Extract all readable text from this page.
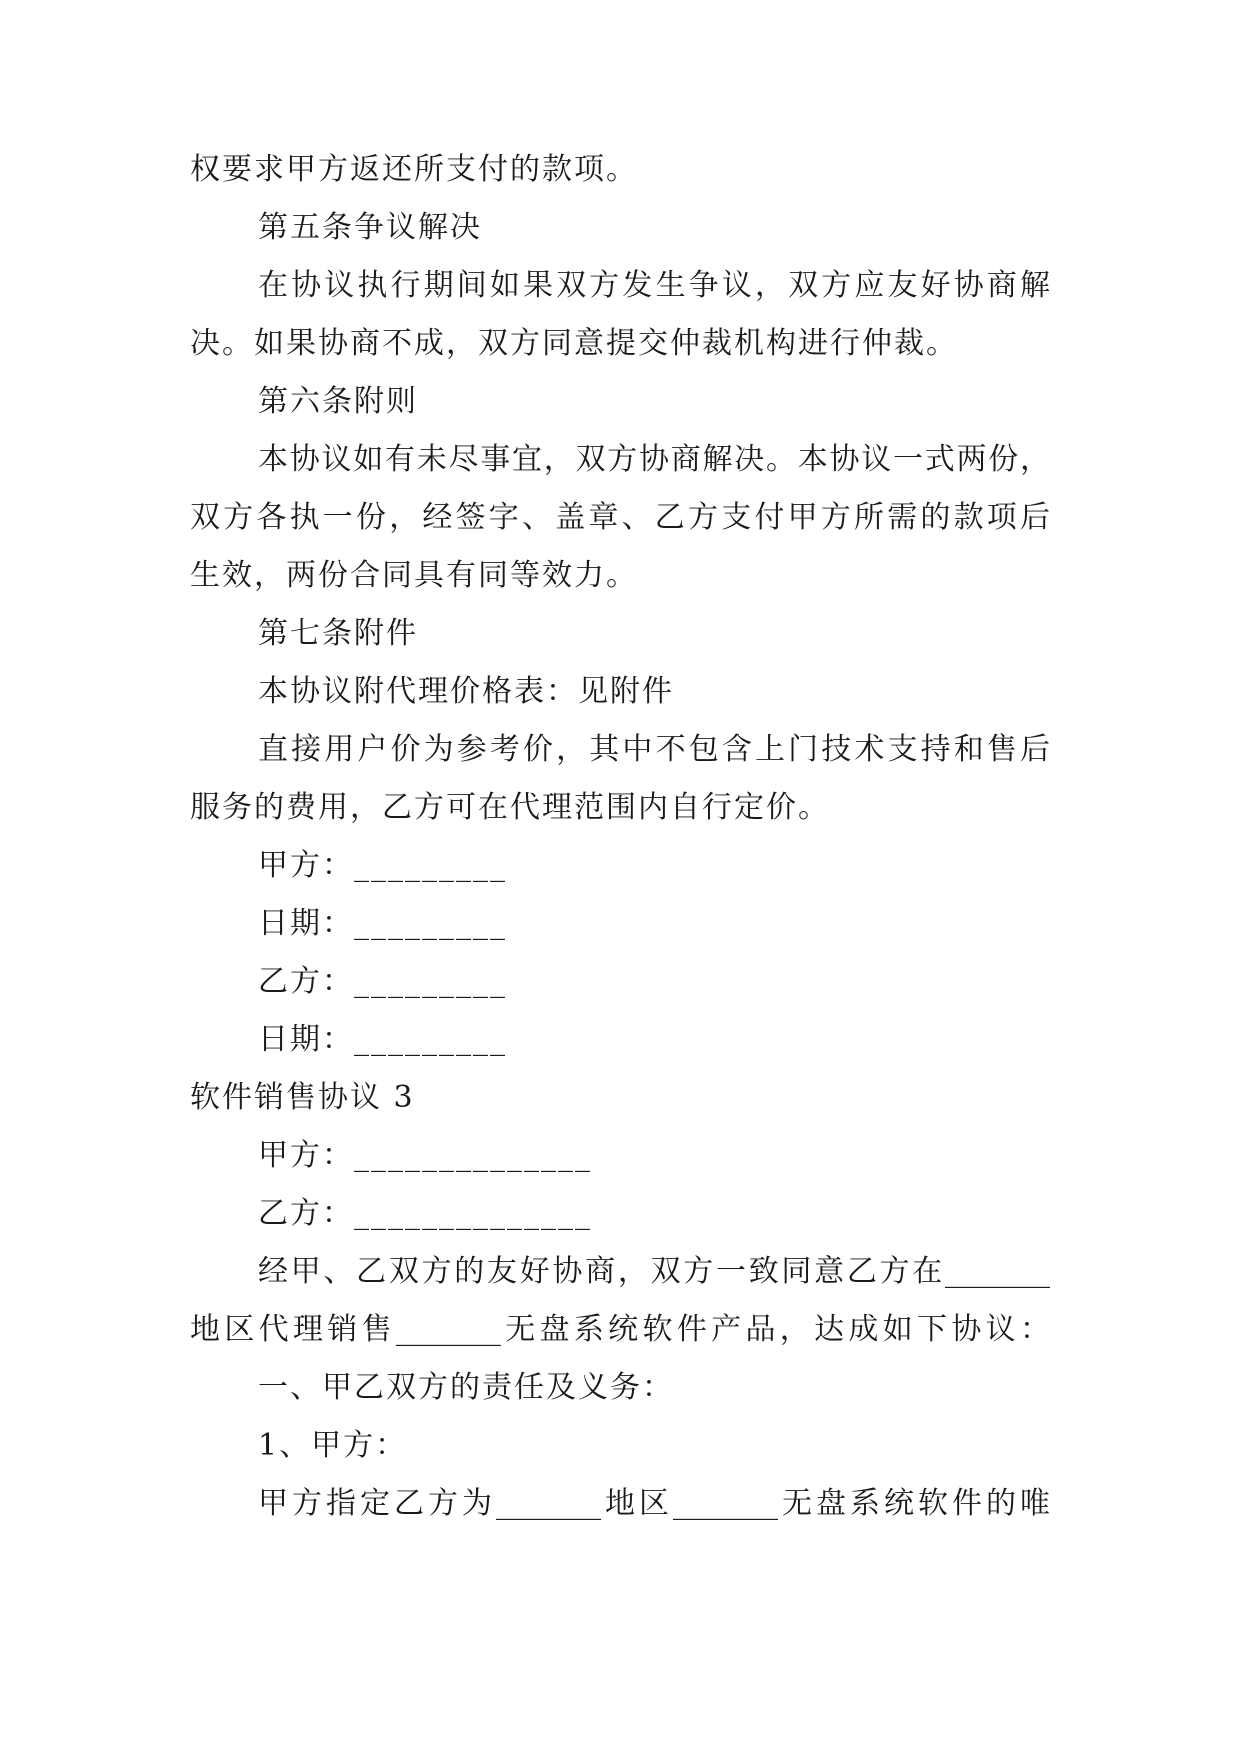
权要求甲方返还所支付的款项。
第五条争议解决
在协议执行期间如果双方发生争议，双方应友好协商解
决。如果协商不成，双方同意提交仲裁机构进行仲裁。
第六条附则
本协议如有未尽事宜，双方协商解决。本协议一式两份，
双方各执一份，经签字、盖章、乙方支付甲方所需的款项后
生效，两份合同具有同等效力。
第七条附件
本协议附代理价格表：见附件
直接用户价为参考价，其中不包含上门技术支持和售后
服务的费用，乙方可在代理范围内自行定价。
甲方：_________
日期：_________
乙方：_________
日期：_________
软件销售协议 3
甲方：______________
乙方：______________
经甲、乙双方的友好协商，双方一致同意乙方在_______
地区代理销售_______无盘系统软件产品，达成如下协议：
一、甲乙双方的责任及义务：
1、甲方：
甲方指定乙方为_______地区_______无盘系统软件的唯
